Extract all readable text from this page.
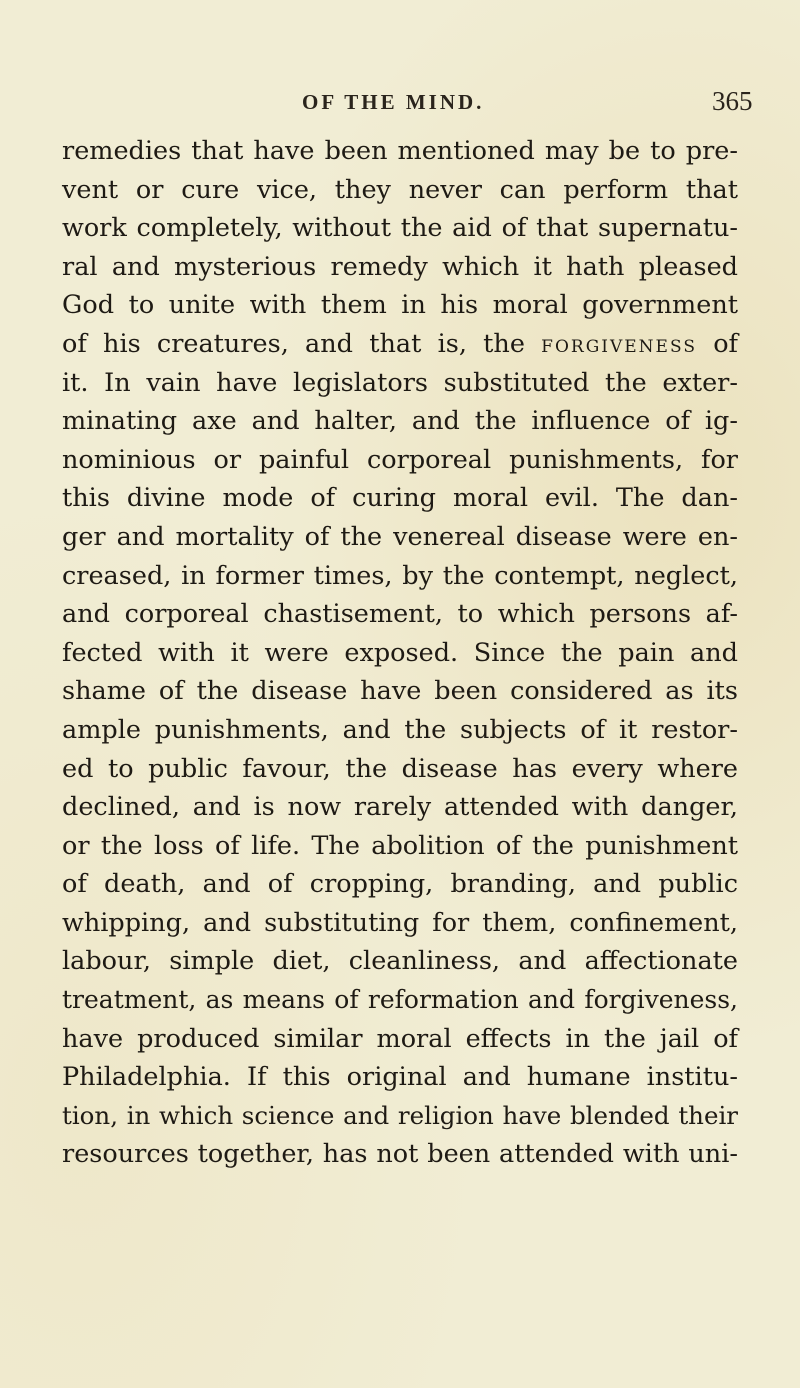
OF THE MIND.	365
remedies that have been mentioned may be to pre-
vent or cure vice, they never can perform that
work completely, without the aid of that supernatu-
ral and mysterious remedy which it hath pleased
God to unite with them in his moral government
of his creatures, and that is, the FORGIVENESS of
it. In vain have legislators substituted the exter-
minating axe and halter, and the influence of ig-
nominious or painful corporeal punishments, for
this divine mode of curing moral evil. The dan-
ger and mortality of the venereal disease were en-
creased, in former times, by the contempt, neglect,
and corporeal chastisement, to which persons af-
fected with it were exposed. Since the pain and
shame of the disease have been considered as its
ample punishments, and the subjects of it restor-
ed to public favour, the disease has every where
declined, and is now rarely attended with danger,
or the loss of life. The abolition of the punishment
of death, and of cropping, branding, and public
whipping, and substituting for them, confinement,
labour, simple diet, cleanliness, and affectionate
treatment, as means of reformation and forgiveness,
have produced similar moral effects in the jail of
Philadelphia. If this original and humane institu-
tion, in which science and religion have blended their
resources together, has not been attended with uni-
